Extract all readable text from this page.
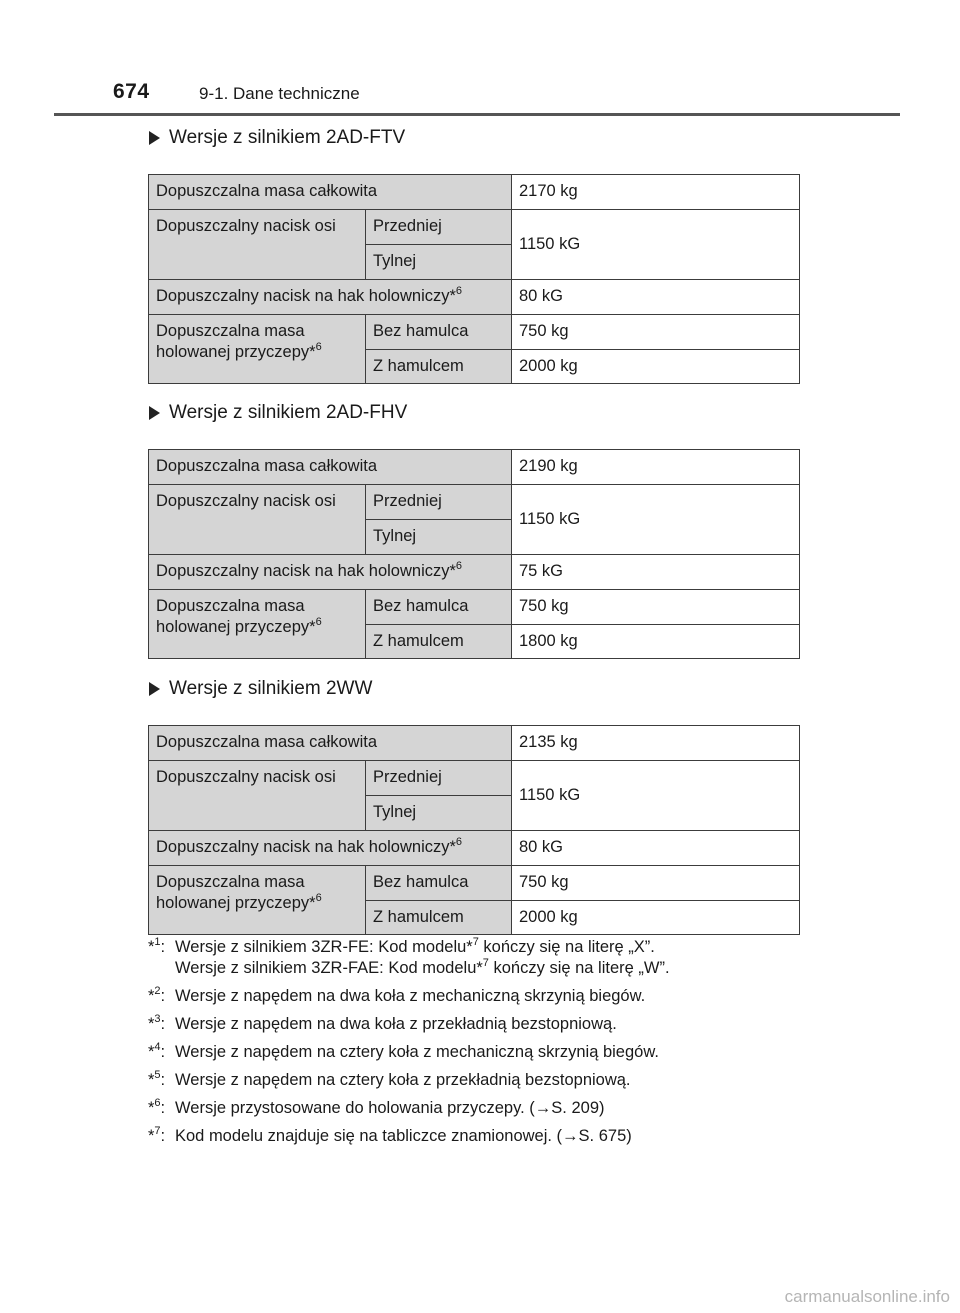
674	9-1. Dane techniczne
Wersje z silnikiem 2AD-FTV
Dopuszczalna masa całkowita		2170 kg
Dopuszczalny nacisk osi	Przedniej	1150 kG
	Tylnej	
Dopuszczalny nacisk na hak holowniczy*$^6$		80 kG
Dopuszczalna masa holowanej przyczepy*$^6$	Bez hamulca	750 kg
	Z hamulcem	2000 kg
Wersje z silnikiem 2AD-FHV
Dopuszczalna masa całkowita		2190 kg
Dopuszczalny nacisk osi	Przedniej	1150 kG
	Tylnej	
Dopuszczalny nacisk na hak holowniczy*$^6$		75 kG
Dopuszczalna masa holowanej przyczepy*$^6$	Bez hamulca	750 kg
	Z hamulcem	1800 kg
Wersje z silnikiem 2WW
Dopuszczalna masa całkowita		2135 kg
Dopuszczalny nacisk osi	Przedniej	1150 kG
	Tylnej	
Dopuszczalny nacisk na hak holowniczy*$^6$		80 kG
Dopuszczalna masa holowanej przyczepy*$^6$	Bez hamulca	750 kg
	Z hamulcem	2000 kg
*$^1$: Wersje z silnikiem 3ZR-FE: Kod modelu*$^7$ kończy się na literę „X”.
Wersje z silnikiem 3ZR-FAE: Kod modelu*$^7$ kończy się na literę „W”.
*$^2$: Wersje z napędem na dwa koła z mechaniczną skrzynią biegów.
*$^3$: Wersje z napędem na dwa koła z przekładnią bezstopniową.
*$^4$: Wersje z napędem na cztery koła z mechaniczną skrzynią biegów.
*$^5$: Wersje z napędem na cztery koła z przekładnią bezstopniową.
*$^6$: Wersje przystosowane do holowania przyczepy. (→S. 209)
*$^7$: Kod modelu znajduje się na tabliczce znamionowej. (→S. 675)
carmanualsonline.info
